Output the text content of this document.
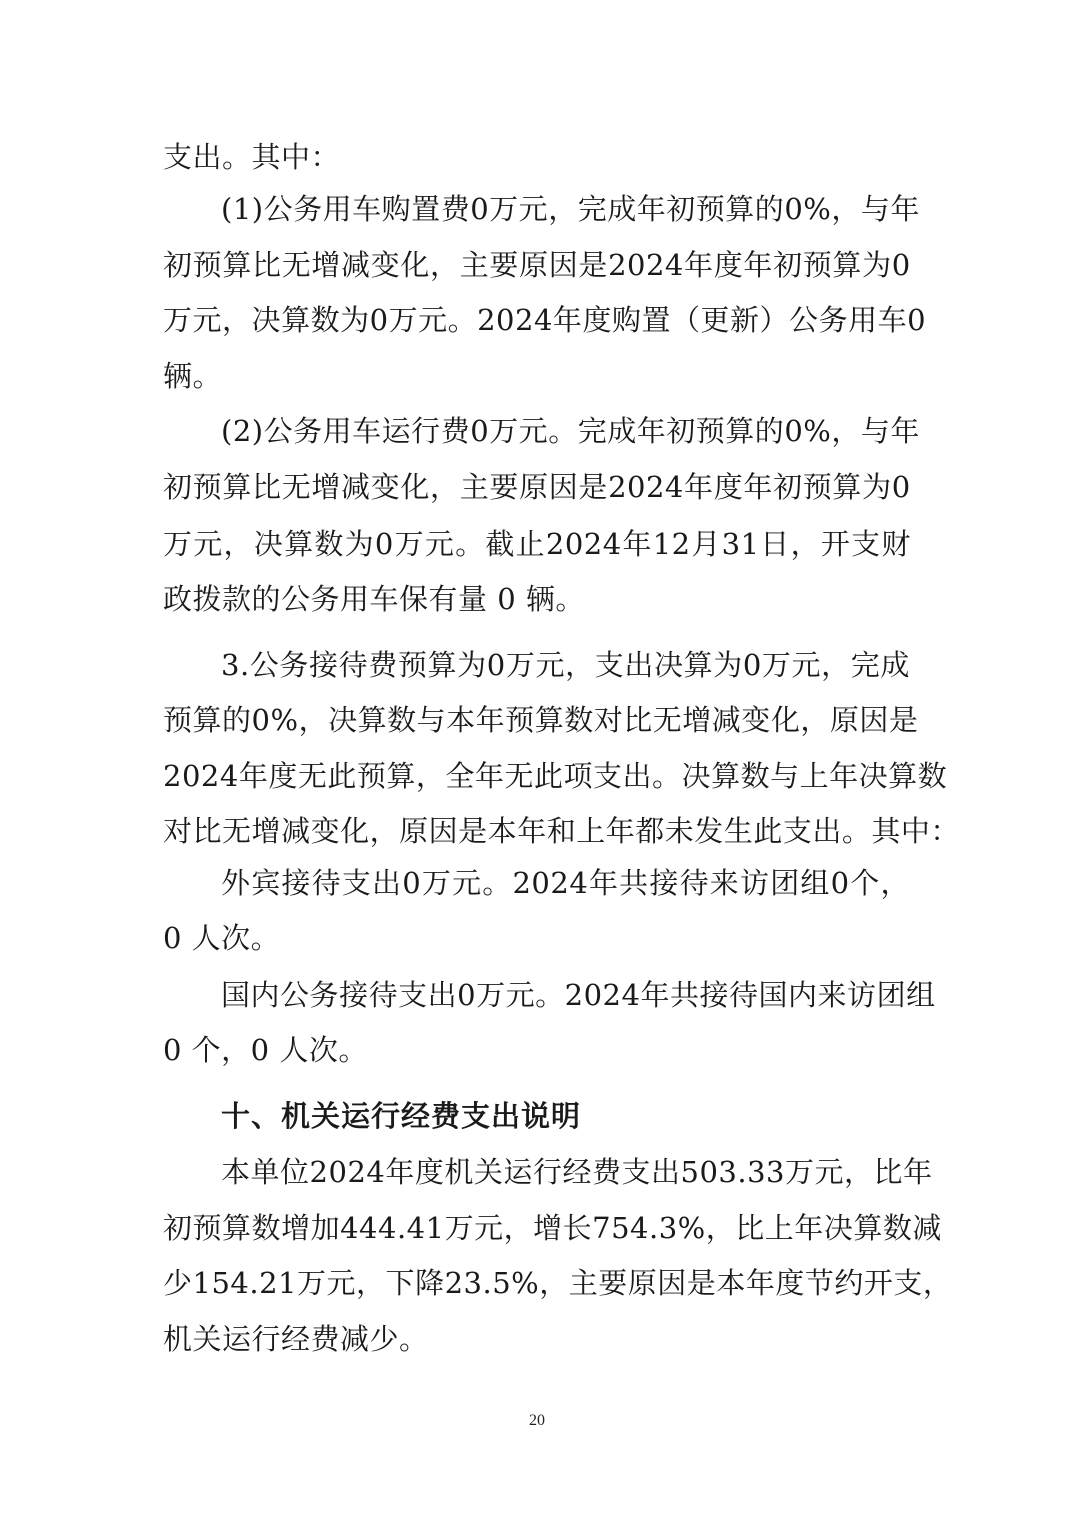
支出。其中：
(1) 公 务 用 车 购 置 费 0 万 元 ， 完 成 年 初 预 算 的 0% ， 与 年
初 预 算 比 无 增 减 变 化 ， 主 要 原 因 是 2024 年 度 年 初 预 算 为 0
万 元 ， 决 算 数 为 0 万 元 。 2024 年 度 购 置 （ 更 新 ） 公 务 用 车 0
辆。
(2) 公 务 用 车 运 行 费 0 万 元 。 完 成 年 初 预 算 的 0% ， 与 年
初 预 算 比 无 增 减 变 化 ， 主 要 原 因 是 2024 年 度 年 初 预 算 为 0
万 元 ， 决 算 数 为 0 万 元 。 截 止 2024 年 12 月 31 日 ， 开 支 财
政拨款的公务用车保有量 0 辆。
3. 公 务 接 待 费 预 算 为 0 万 元 ， 支 出 决 算 为 0 万 元 ， 完 成
预 算 的 0% ， 决 算 数 与 本 年 预 算 数 对 比 无 增 减 变 化 ， 原 因 是
2024 年 度 无 此 预 算 ， 全 年 无 此 项 支 出 。 决 算 数 与 上 年 决 算 数
对 比 无 增 减 变 化 ， 原 因 是 本 年 和 上 年 都 未 发 生 此 支 出 。 其 中 ：
外 宾 接 待 支 出 0 万 元 。 2024 年 共 接 待 来 访 团 组 0 个 ，
0 人次。
国 内 公 务 接 待 支 出 0 万 元 。 2024 年 共 接 待 国 内 来 访 团 组
0 个，0 人次。
十、机关运行经费支出说明
本 单 位 2024 年 度 机 关 运 行 经 费 支 出 503.33 万 元 ， 比 年
初 预 算 数 增 加 444.41 万 元 ， 增 长 754.3% ， 比 上 年 决 算 数 减
少 154.21 万 元 ， 下 降 23.5% ， 主 要 原 因 是 本 年 度 节 约 开 支 ，
机关运行经费减少。
20
